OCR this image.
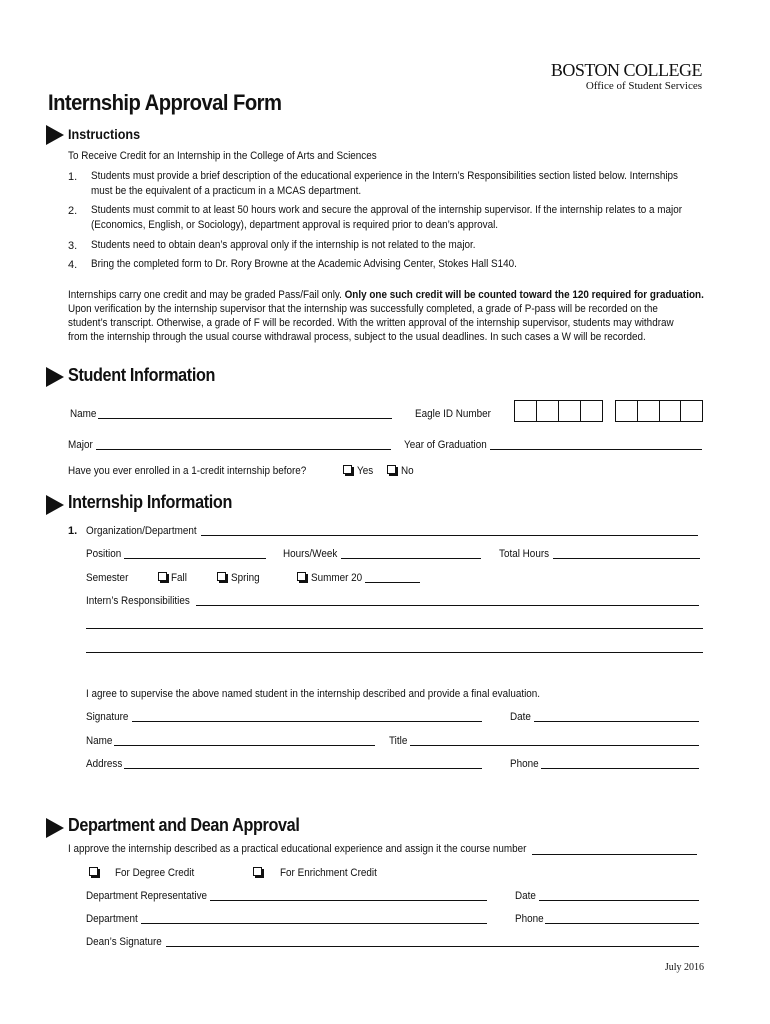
BOSTON COLLEGE
Office of Student Services
Internship Approval Form
Instructions
To Receive Credit for an Internship in the College of Arts and Sciences
1. Students must provide a brief description of the educational experience in the Intern’s Responsibilities section listed below. Internships
must be the equivalent of a practicum in a MCAS department.
2. Students must commit to at least 50 hours work and secure the approval of the internship supervisor. If the internship relates to a major
(Economics, English, or Sociology), department approval is required prior to dean’s approval.
3. Students need to obtain dean’s approval only if the internship is not related to the major.
4. Bring the completed form to Dr. Rory Browne at the Academic Advising Center, Stokes Hall S140.
Internships carry one credit and may be graded Pass/Fail only. Only one such credit will be counted toward the 120 required for graduation.
Upon verification by the internship supervisor that the internship was successfully completed, a grade of P-pass will be recorded on the
student’s transcript. Otherwise, a grade of F will be recorded. With the written approval of the internship supervisor, students may withdraw
from the internship through the usual course withdrawal process, subject to the usual deadlines. In such cases a W will be recorded.
Student Information
Name	Eagle ID Number
Major	Year of Graduation
Have you ever enrolled in a 1-credit internship before?	Yes	No
Internship Information
1. Organization/Department
Position	Hours/Week	Total Hours
Semester	Fall	Spring	Summer 20
Intern’s Responsibilities
I agree to supervise the above named student in the internship described and provide a final evaluation.
Signature	Date
Name	Title
Address	Phone
Department and Dean Approval
I approve the internship described as a practical educational experience and assign it the course number
For Degree Credit	For Enrichment Credit
Department Representative	Date
Department	Phone
Dean’s Signature
July 2016
